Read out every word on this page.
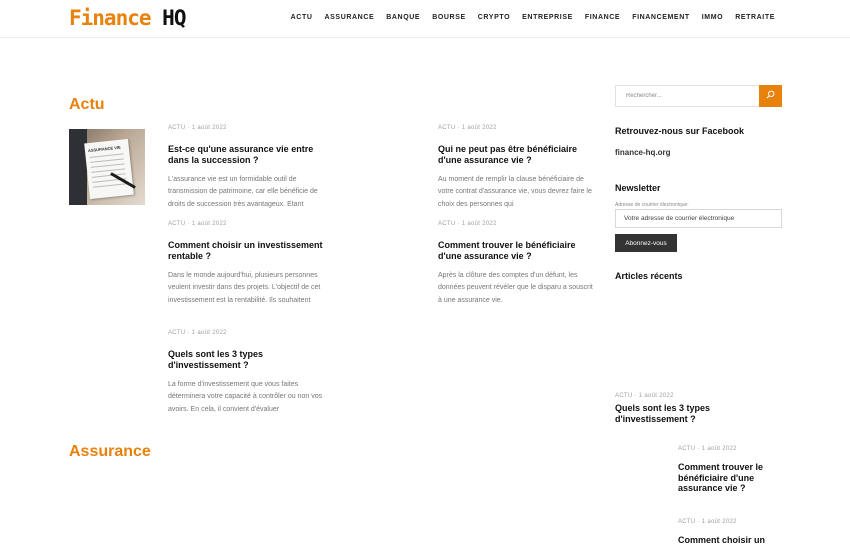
Finance HQ	ACTU ASSURANCE BANQUE BOURSE CRYPTO ENTREPRISE FINANCE FINANCEMENT IMMO RETRAITE
Actu
Assurance
ASSURANCE VIE
ACTU · 1 août 2022
Est-ce qu'une assurance vie entre dans la succession ?
L'assurance vie est un formidable outil de transmission de patrimoine, car elle bénéficie de droits de succession très avantageux. Etant
ACTU · 1 août 2022
Qui ne peut pas être bénéficiaire d'une assurance vie ?
Au moment de remplir la clause bénéficiaire de votre contrat d'assurance vie, vous devrez faire le choix des personnes qui
ACTU · 1 août 2022
Comment choisir un investissement rentable ?
Dans le monde aujourd'hui, plusieurs personnes veulent investir dans des projets. L'objectif de cet investissement est la rentabilité. Ils souhaitent
ACTU · 1 août 2022
Comment trouver le bénéficiaire d'une assurance vie ?
Après la clôture des comptes d'un défunt, les données peuvent révéler que le disparu a souscrit à une assurance vie.
ACTU · 1 août 2022
Quels sont les 3 types d'investissement ?
La forme d'investissement que vous faites déterminera votre capacité à contrôler ou non vos avoirs. En cela, il convient d'évaluer
Rechercher...
Retrouvez-nous sur Facebook
finance-hq.org
Newsletter
Adresse de courrier électronique:
Votre adresse de courrier électronique
Abonnez-vous
Articles récents
ACTU · 1 août 2022
Quels sont les 3 types d'investissement ?
ACTU · 1 août 2022
Comment trouver le bénéficiaire d'une assurance vie ?
ACTU · 1 août 2022
Comment choisir un
